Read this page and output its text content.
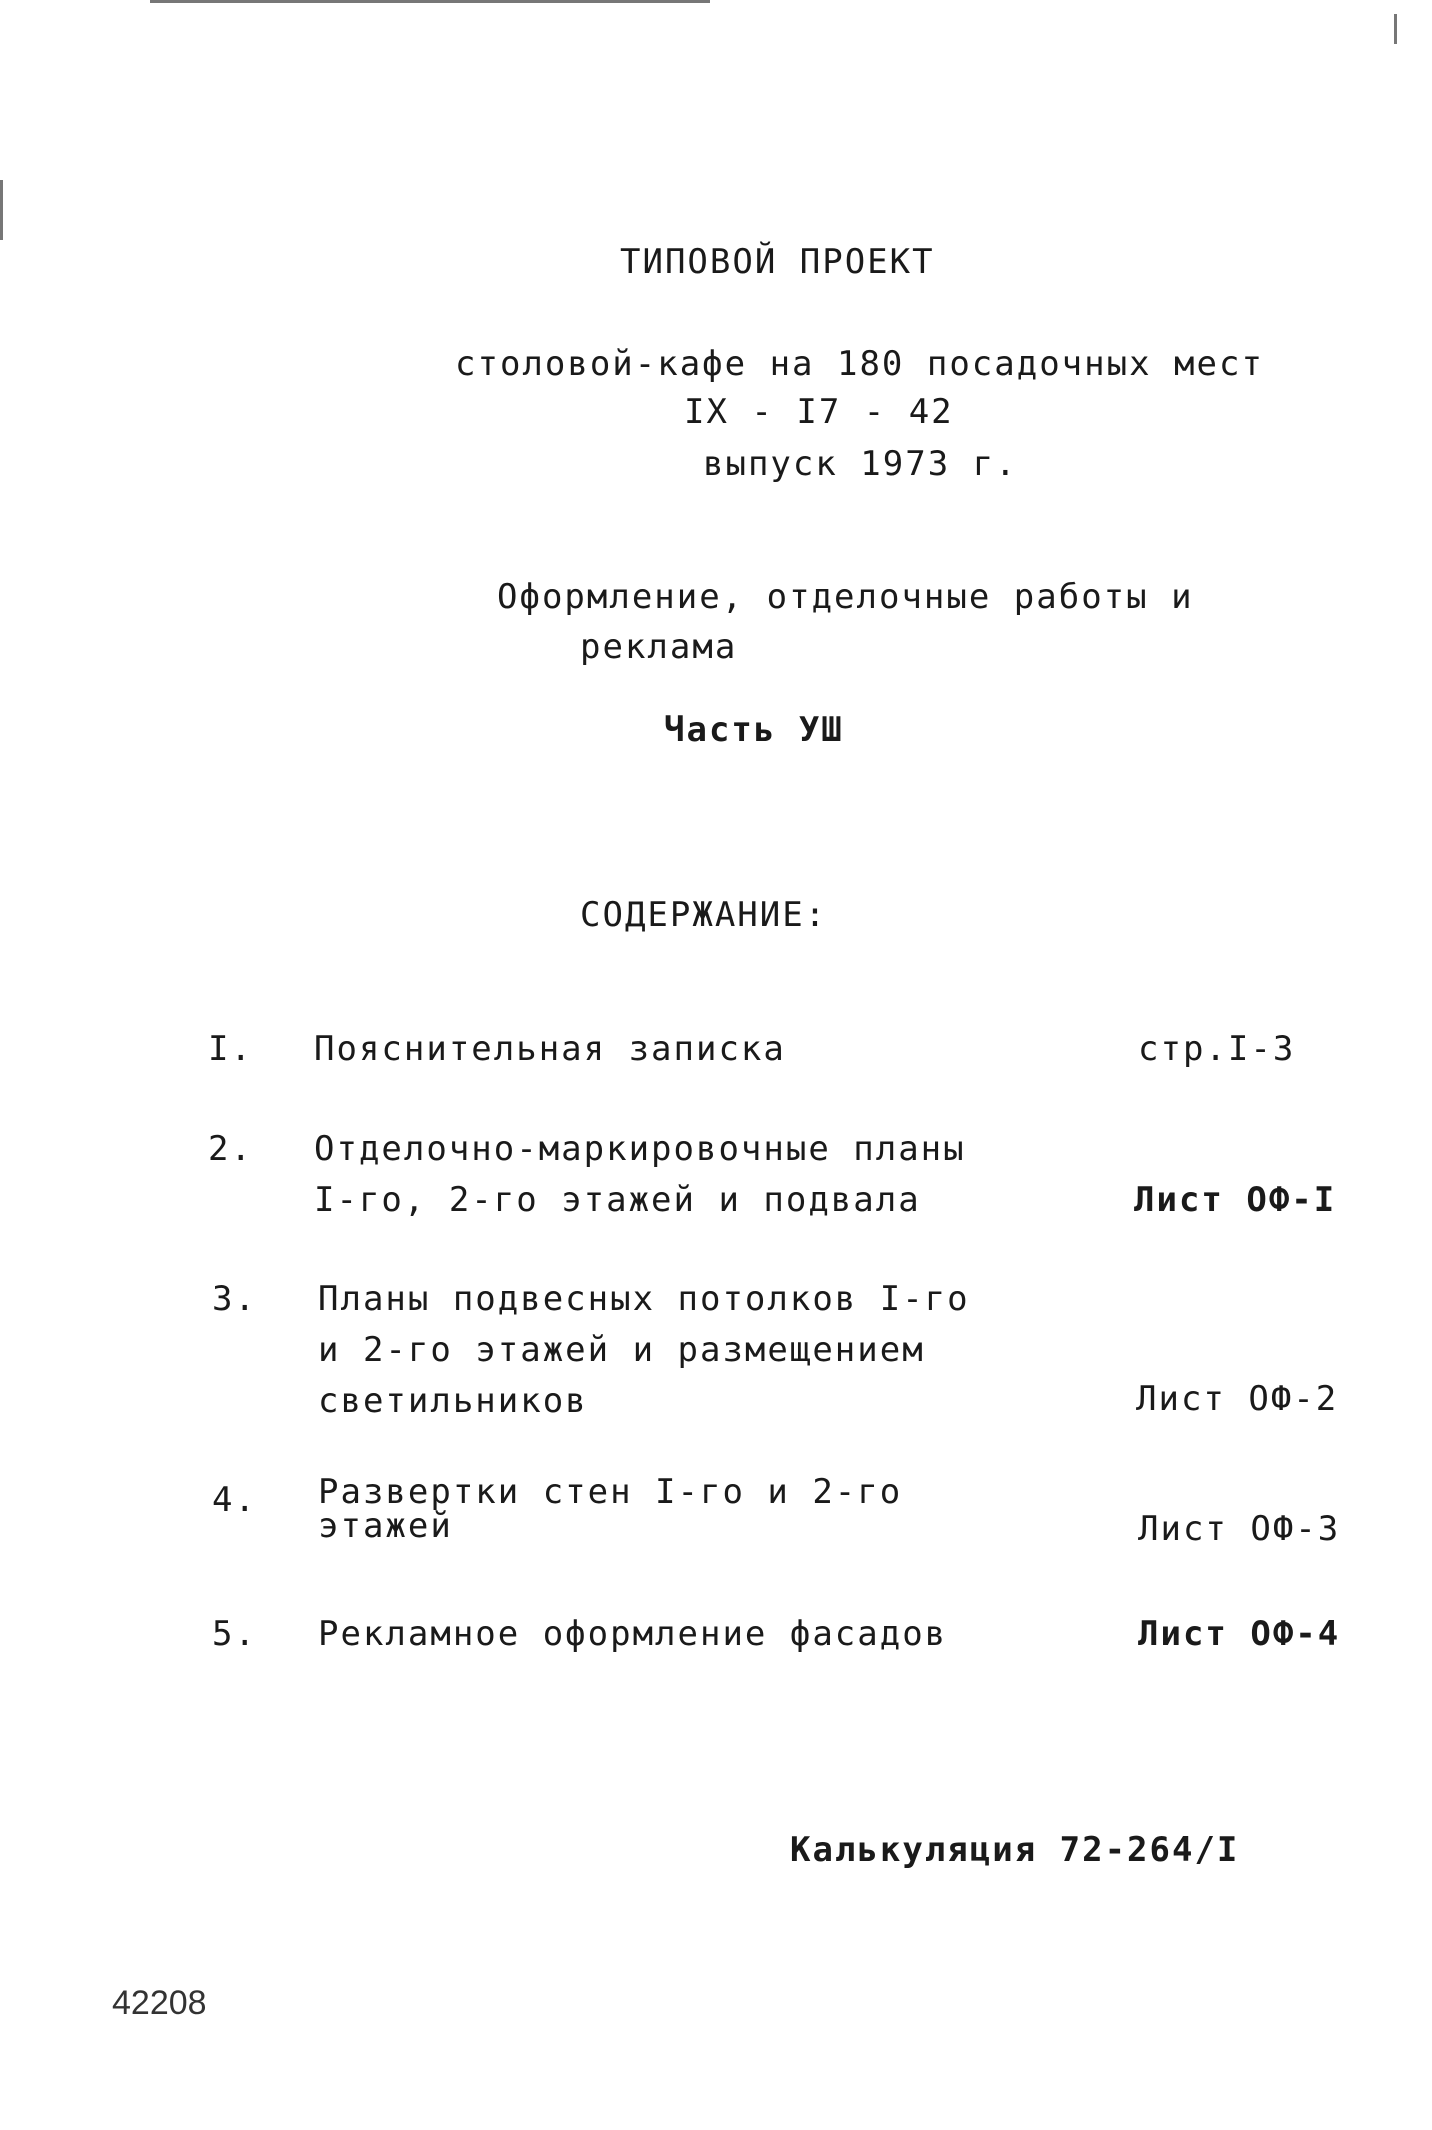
ТИПОВОЙ ПРОЕКТ
столовой-кафе на 180 посадочных мест
IX - I7 - 42
выпуск 1973 г.
Оформление, отделочные работы и
реклама
Часть УШ
СОДЕРЖАНИЕ:
I. Пояснительная записка	стр.I-3
2. Отделочно-маркировочные планы
I-го, 2-го этажей и подвала	Лист ОФ-I
3. Планы подвесных потолков I-го
и 2-го этажей и размещением
светильников	Лист ОФ-2
4. Развертки стен I-го и 2-го
этажей	Лист ОФ-3
5. Рекламное оформление фасадов	Лист ОФ-4
Калькуляция 72-264/I
42208
